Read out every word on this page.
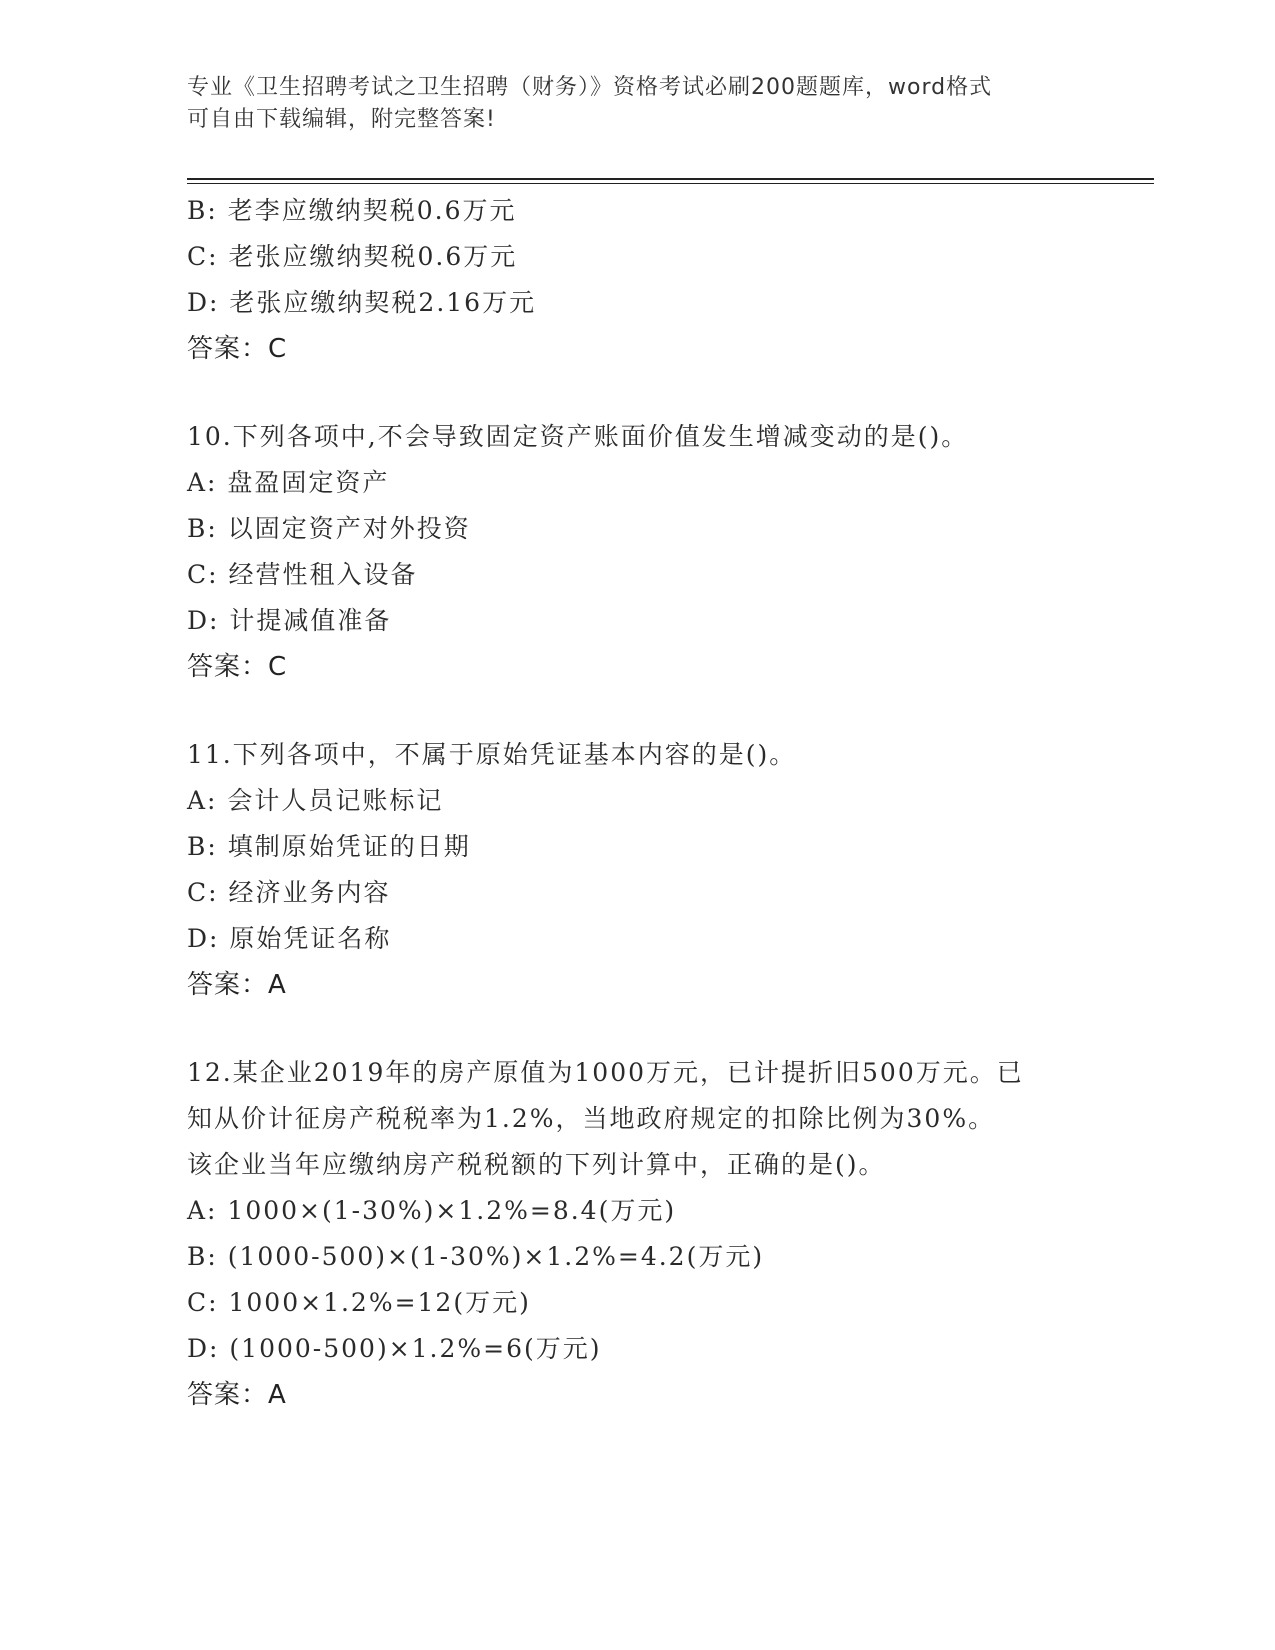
专业《卫生招聘考试之卫生招聘（财务）》资格考试必刷200题题库，word格式
可自由下载编辑，附完整答案!
B: 老李应缴纳契税0.6万元
C: 老张应缴纳契税0.6万元
D: 老张应缴纳契税2.16万元
答案：C
10.下列各项中,不会导致固定资产账面价值发生增减变动的是()。
A: 盘盈固定资产
B: 以固定资产对外投资
C: 经营性租入设备
D: 计提减值准备
答案：C
11.下列各项中，不属于原始凭证基本内容的是()。
A: 会计人员记账标记
B: 填制原始凭证的日期
C: 经济业务内容
D: 原始凭证名称
答案：A
12.某企业2019年的房产原值为1000万元，已计提折旧500万元。已
知从价计征房产税税率为1.2%，当地政府规定的扣除比例为30%。
该企业当年应缴纳房产税税额的下列计算中，正确的是()。
A: 1000×(1-30%)×1.2%=8.4(万元)
B: (1000-500)×(1-30%)×1.2%=4.2(万元)
C: 1000×1.2%=12(万元)
D: (1000-500)×1.2%=6(万元)
答案：A
